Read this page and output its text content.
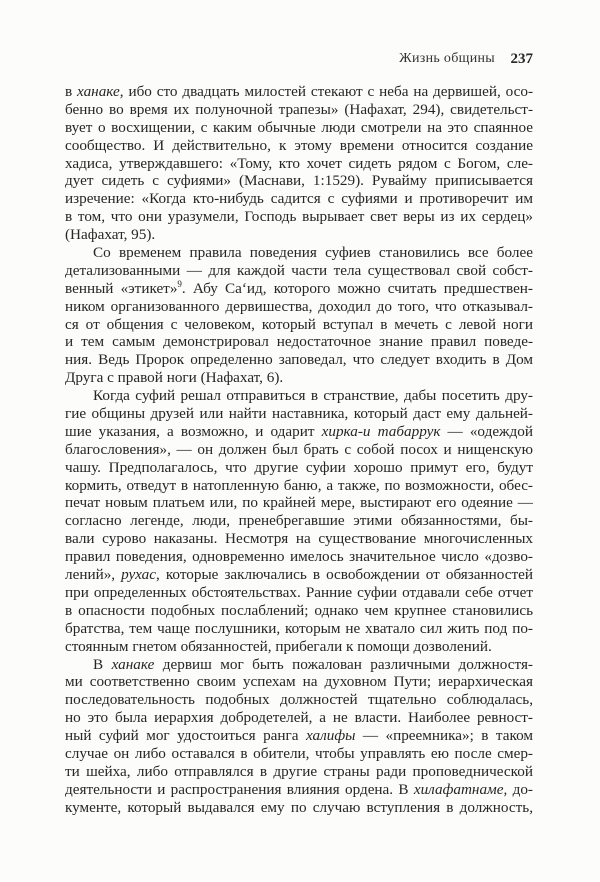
Жизнь общины 237
в ханаке, ибо сто двадцать милостей стекают с неба на дервишей, осо-
бенно во время их полуночной трапезы» (Нафахат, 294), свидетельст-
вует о восхищении, с каким обычные люди смотрели на это спаянное
сообщество. И действительно, к этому времени относится создание
хадиса, утверждавшего: «Тому, кто хочет сидеть рядом с Богом, сле-
дует сидеть с суфиями» (Маснави, 1:1529). Рувайму приписывается
изречение: «Когда кто-нибудь садится с суфиями и противоречит им
в том, что они уразумели, Господь вырывает свет веры из их сердец»
(Нафахат, 95).
Со временем правила поведения суфиев становились все более
детализованными — для каждой части тела существовал свой собст-
венный «этикет»$^9$. Абу Са‘ид, которого можно считать предшествен-
ником организованного дервишества, доходил до того, что отказывал-
ся от общения с человеком, который вступал в мечеть с левой ноги
и тем самым демонстрировал недостаточное знание правил поведе-
ния. Ведь Пророк определенно заповедал, что следует входить в Дом
Друга с правой ноги (Нафахат, 6).
Когда суфий решал отправиться в странствие, дабы посетить дру-
гие общины друзей или найти наставника, который даст ему дальней-
шие указания, а возможно, и одарит хирка-и табаррук — «одеждой
благословения», — он должен был брать с собой посох и нищенскую
чашу. Предполагалось, что другие суфии хорошо примут его, будут
кормить, отведут в натопленную баню, а также, по возможности, обес-
печат новым платьем или, по крайней мере, выстирают его одеяние —
согласно легенде, люди, пренебрегавшие этими обязанностями, бы-
вали сурово наказаны. Несмотря на существование многочисленных
правил поведения, одновременно имелось значительное число «дозво-
лений», рухас, которые заключались в освобождении от обязанностей
при определенных обстоятельствах. Ранние суфии отдавали себе отчет
в опасности подобных послаблений; однако чем крупнее становились
братства, тем чаще послушники, которым не хватало сил жить под по-
стоянным гнетом обязанностей, прибегали к помощи дозволений.
В ханаке дервиш мог быть пожалован различными должностя-
ми соответственно своим успехам на духовном Пути; иерархическая
последовательность подобных должностей тщательно соблюдалась,
но это была иерархия добродетелей, а не власти. Наиболее ревност-
ный суфий мог удостоиться ранга халифы — «преемника»; в таком
случае он либо оставался в обители, чтобы управлять ею после смер-
ти шейха, либо отправлялся в другие страны ради проповеднической
деятельности и распространения влияния ордена. В хилафатнаме, до-
кументе, который выдавался ему по случаю вступления в должность,
